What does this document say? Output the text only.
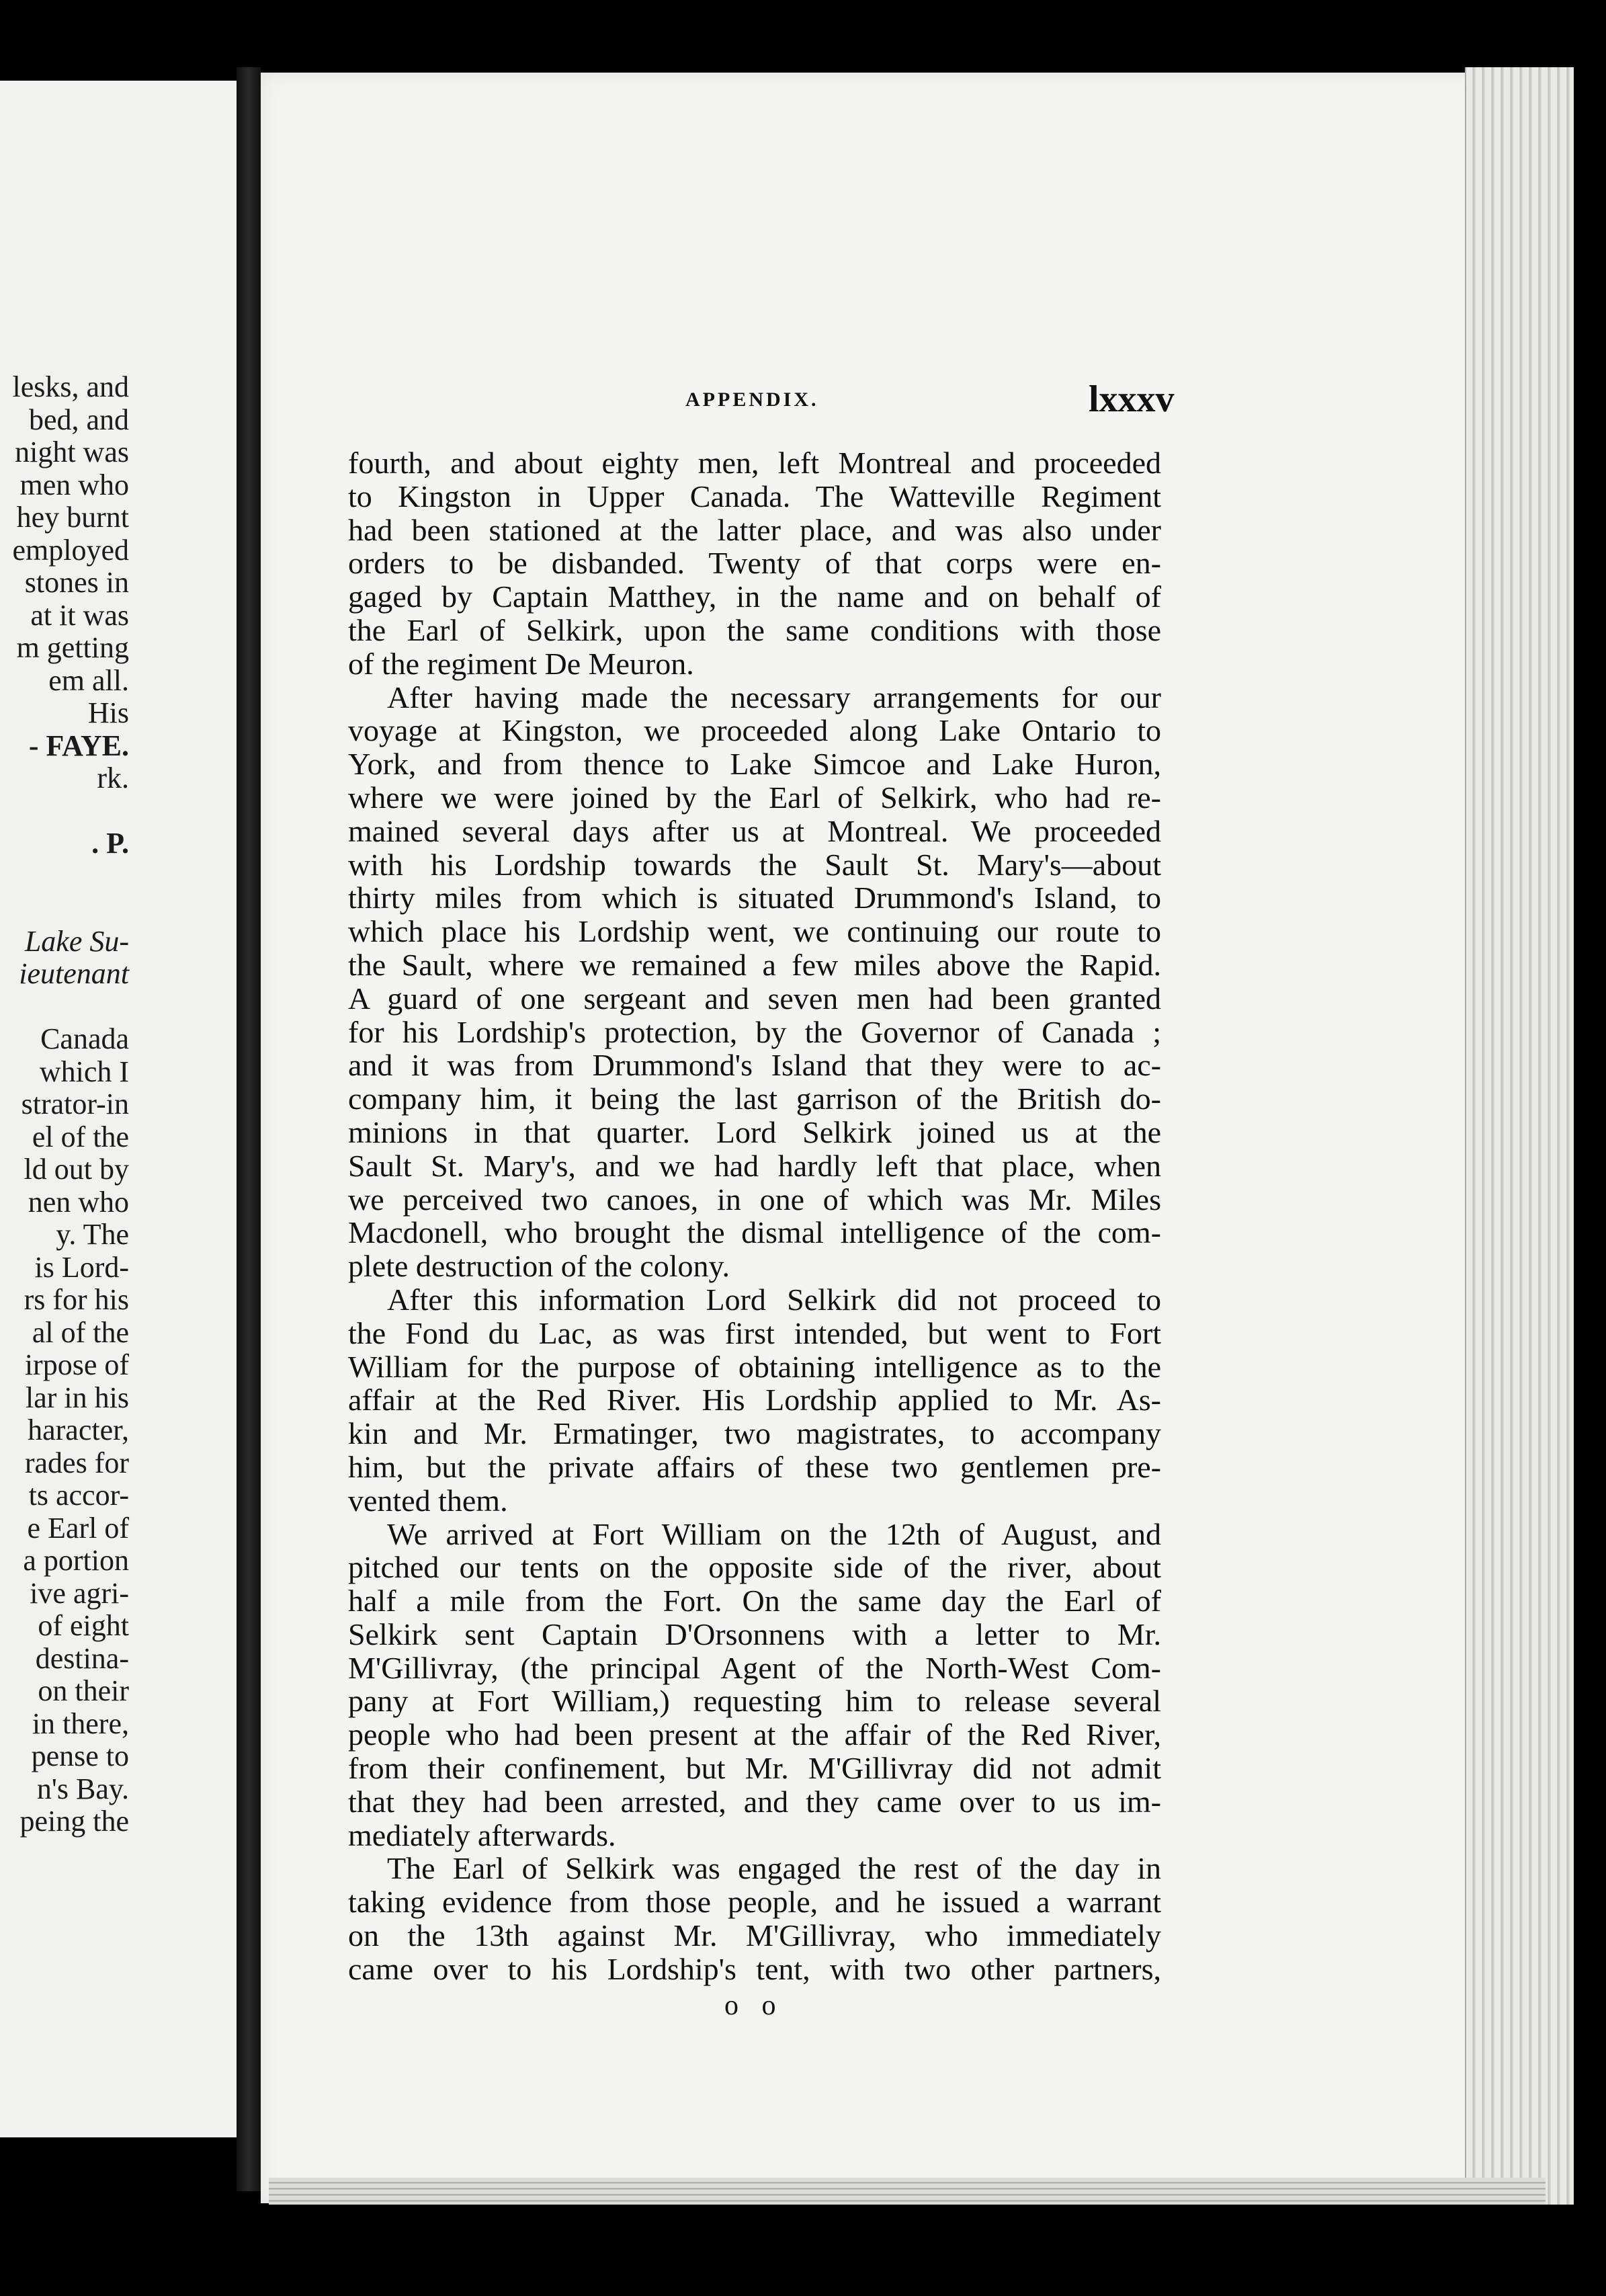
lesks, and
bed, and
night was
men who
hey burnt
employed
stones in
at it was
m getting
em all.
His
- FAYE.
rk.
. P.
Lake Su-
ieutenant
Canada
which I
strator-in
el of the
ld out by
nen who
y. The
is Lord-
rs for his
al of the
irpose of
lar in his
haracter,
rades for
ts accor-
e Earl of
a portion
ive agri-
of eight
destina-
on their
in there,
pense to
n's Bay.
peing the
APPENDIX.	lxxxv
fourth, and about eighty men, left Montreal and proceeded
to Kingston in Upper Canada. The Watteville Regiment
had been stationed at the latter place, and was also under
orders to be disbanded. Twenty of that corps were en-
gaged by Captain Matthey, in the name and on behalf of
the Earl of Selkirk, upon the same conditions with those
of the regiment De Meuron.
After having made the necessary arrangements for our
voyage at Kingston, we proceeded along Lake Ontario to
York, and from thence to Lake Simcoe and Lake Huron,
where we were joined by the Earl of Selkirk, who had re-
mained several days after us at Montreal. We proceeded
with his Lordship towards the Sault St. Mary's—about
thirty miles from which is situated Drummond's Island, to
which place his Lordship went, we continuing our route to
the Sault, where we remained a few miles above the Rapid.
A guard of one sergeant and seven men had been granted
for his Lordship's protection, by the Governor of Canada ;
and it was from Drummond's Island that they were to ac-
company him, it being the last garrison of the British do-
minions in that quarter. Lord Selkirk joined us at the
Sault St. Mary's, and we had hardly left that place, when
we perceived two canoes, in one of which was Mr. Miles
Macdonell, who brought the dismal intelligence of the com-
plete destruction of the colony.
After this information Lord Selkirk did not proceed to
the Fond du Lac, as was first intended, but went to Fort
William for the purpose of obtaining intelligence as to the
affair at the Red River. His Lordship applied to Mr. As-
kin and Mr. Ermatinger, two magistrates, to accompany
him, but the private affairs of these two gentlemen pre-
vented them.
We arrived at Fort William on the 12th of August, and
pitched our tents on the opposite side of the river, about
half a mile from the Fort. On the same day the Earl of
Selkirk sent Captain D'Orsonnens with a letter to Mr.
M'Gillivray, (the principal Agent of the North-West Com-
pany at Fort William,) requesting him to release several
people who had been present at the affair of the Red River,
from their confinement, but Mr. M'Gillivray did not admit
that they had been arrested, and they came over to us im-
mediately afterwards.
The Earl of Selkirk was engaged the rest of the day in
taking evidence from those people, and he issued a warrant
on the 13th against Mr. M'Gillivray, who immediately
came over to his Lordship's tent, with two other partners,
o o
